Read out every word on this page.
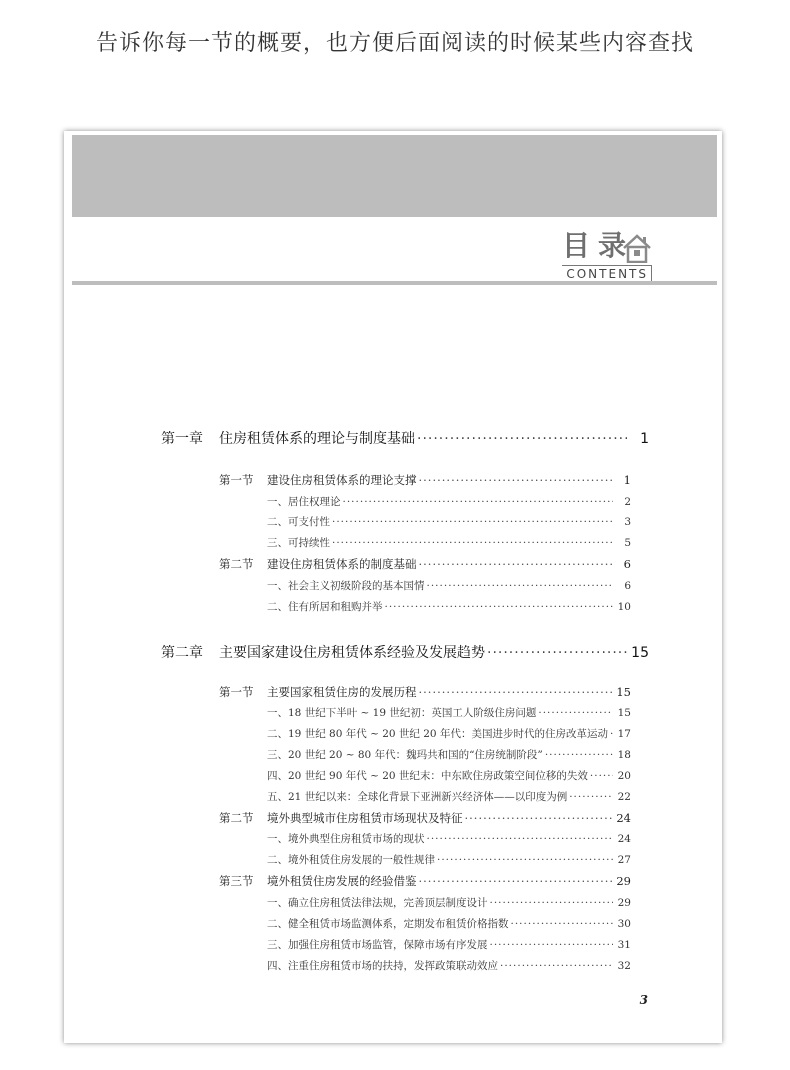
告诉你每一节的概要，也方便后面阅读的时候某些内容查找
目录
CONTENTS
第一章	住房租赁体系的理论与制度基础 ·····	1
第一节	建设住房租赁体系的理论支撑 ·····	1
一、居住权理论 ·····	2
二、可支付性 ·····	3
三、可持续性 ·····	5
第二节	建设住房租赁体系的制度基础 ·····	6
一、社会主义初级阶段的基本国情 ·····	6
二、住有所居和租购并举 ·····	10
第二章	主要国家建设住房租赁体系经验及发展趋势 ·····	15
第一节	主要国家租赁住房的发展历程 ·····	15
一、18 世纪下半叶 ~ 19 世纪初：英国工人阶级住房问题 ·····	15
二、19 世纪 80 年代 ~ 20 世纪 20 年代：美国进步时代的住房改革运动 ····· 17
三、20 世纪 20 ~ 80 年代：魏玛共和国的“住房统制阶段” ·····	18
四、20 世纪 90 年代 ~ 20 世纪末：中东欧住房政策空间位移的失效 ·····	20
五、21 世纪以来：全球化背景下亚洲新兴经济体——以印度为例 ·····	22
第二节	境外典型城市住房租赁市场现状及特征 ·····	24
一、境外典型住房租赁市场的现状 ·····	24
二、境外租赁住房发展的一般性规律 ·····	27
第三节	境外租赁住房发展的经验借鉴 ·····	29
一、确立住房租赁法律法规，完善顶层制度设计 ·····	29
二、健全租赁市场监测体系，定期发布租赁价格指数 ·····	30
三、加强住房租赁市场监管，保障市场有序发展 ·····	31
四、注重住房租赁市场的扶持，发挥政策联动效应 ·····	32
3
